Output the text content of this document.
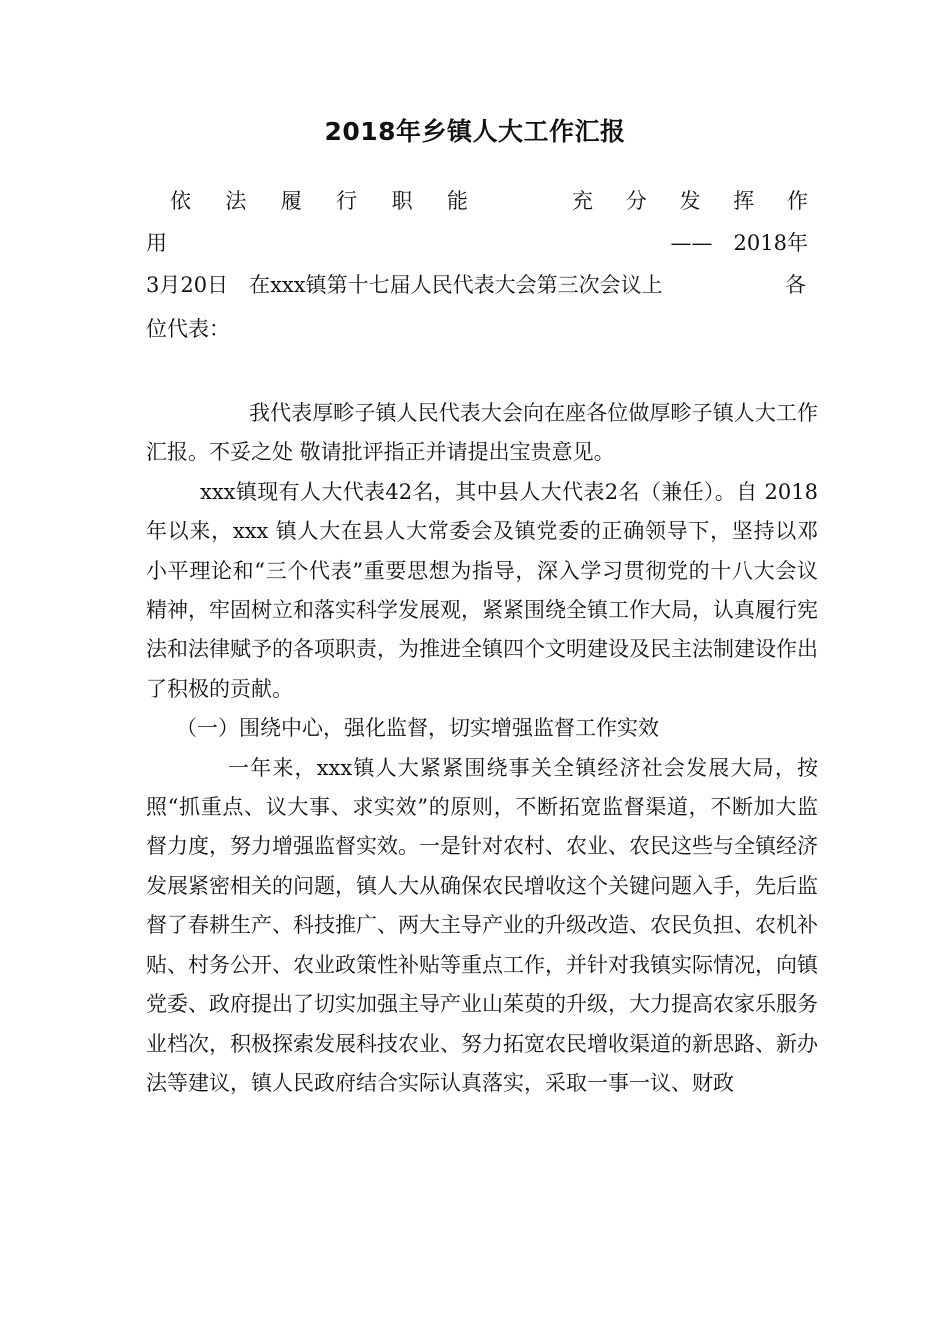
2018年乡镇人大工作汇报
依 法 履 行 职 能	充 分 发 挥 作
用	——　2018年
3月20日　在xxx镇第十七届人民代表大会第三次会议上	各
位代表：

我代表厚畛子镇人民代表大会向在座各位做厚畛子镇人大工作汇报。不妥之处 敬请批评指正并请提出宝贵意见。

xxx镇现有人大代表42名，其中县人大代表2名（兼任）。自 2018 年以来，xxx 镇人大在县人大常委会及镇党委的正确领导下，坚持以邓小平理论和“三个代表”重要思想为指导，深入学习贯彻党的十八大会议精神，牢固树立和落实科学发展观，紧紧围绕全镇工作大局，认真履行宪法和法律赋予的各项职责，为推进全镇四个文明建设及民主法制建设作出了积极的贡献。

（一）围绕中心，强化监督，切实增强监督工作实效

一年来，xxx镇人大紧紧围绕事关全镇经济社会发展大局，按照“抓重点、议大事、求实效”的原则，不断拓宽监督渠道，不断加大监督力度，努力增强监督实效。一是针对农村、农业、农民这些与全镇经济发展紧密相关的问题，镇人大从确保农民增收这个关键问题入手，先后监督了春耕生产、科技推广、两大主导产业的升级改造、农民负担、农机补贴、村务公开、农业政策性补贴等重点工作，并针对我镇实际情况，向镇党委、政府提出了切实加强主导产业山茱萸的升级，大力提高农家乐服务业档次，积极探索发展科技农业、努力拓宽农民增收渠道的新思路、新办法等建议，镇人民政府结合实际认真落实，采取一事一议、财政
